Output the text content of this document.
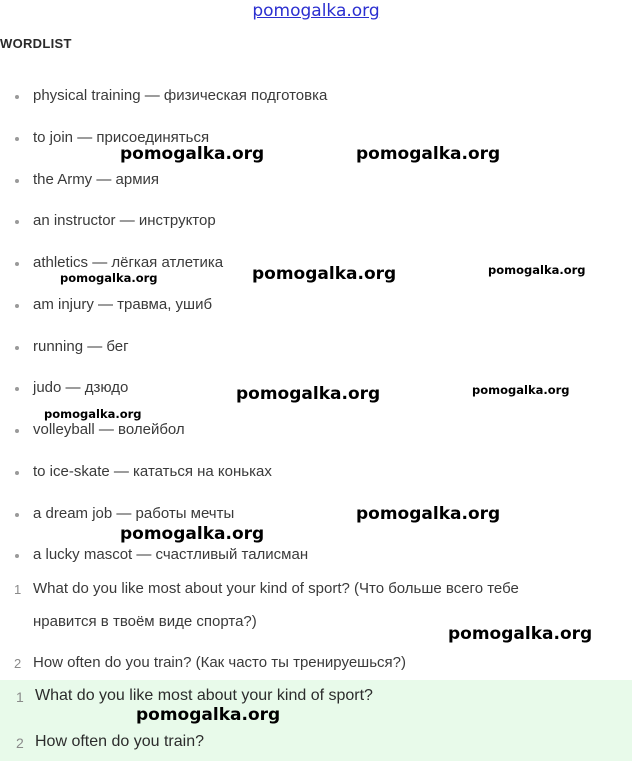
pomogalka.org
WORDLIST
physical training — физическая подготовка
to join — присоединяться
the Army — армия
an instructor — инструктор
athletics — лёгкая атлетика
am injury — травма, ушиб
running — бег
judo — дзюдо
volleyball — волейбол
to ice-skate — кататься на коньках
a dream job — работы мечты
a lucky mascot — счастливый талисман
1 What do you like most about your kind of sport? (Что больше всего тебе
нравится в твоём виде спорта?)
2 How often do you train? (Как часто ты тренируешься?)
1 What do you like most about your kind of sport?
2 How often do you train?
pomogalka.org	pomogalka.org
pomogalka.org	pomogalka.org
pomogalka.org
pomogalka.org	pomogalka.org
pomogalka.org
pomogalka.org
pomogalka.org
pomogalka.org
pomogalka.org
